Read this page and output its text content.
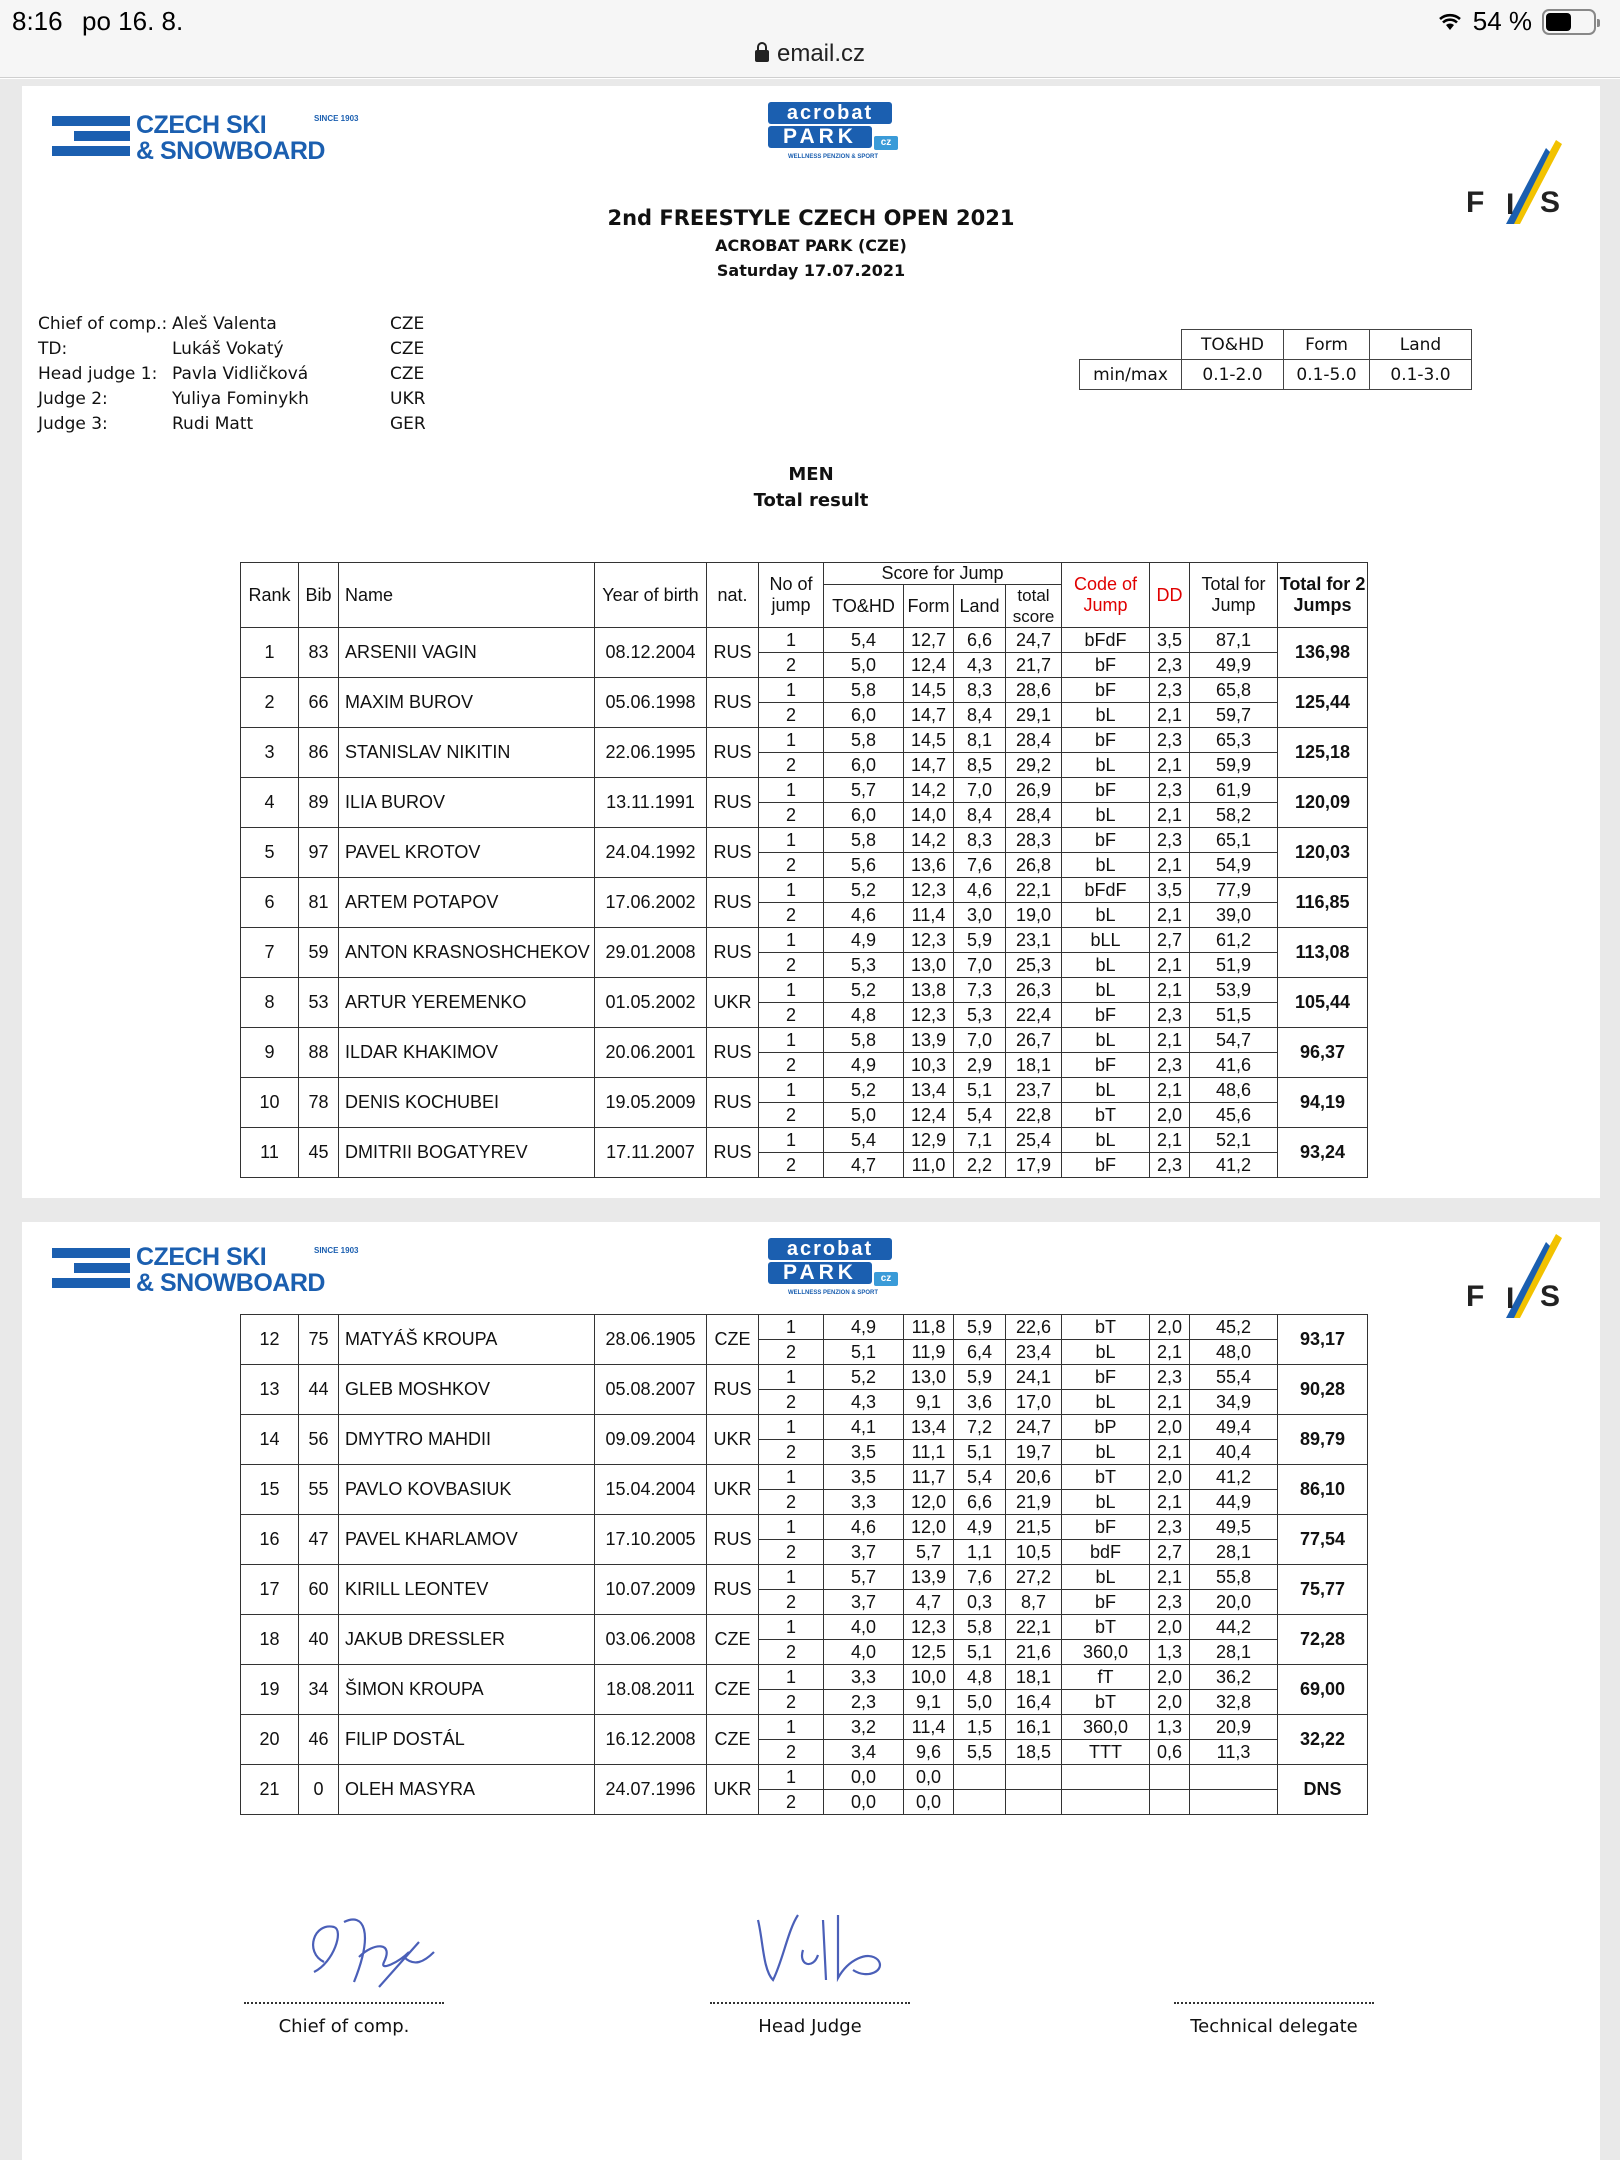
8:16 po 16. 8.	54 %
email.cz
CZECH SKI
& SNOWBOARD
SINCE 1903	acrobat
PARK	cz
WELLNESS PENZION & SPORT
F I S
2nd FREESTYLE CZECH OPEN 2021
ACROBAT PARK (CZE)
Saturday 17.07.2021
Chief of comp.: Aleš Valenta	CZE
TD:	Lukáš Vokatý	CZE
Head judge 1: Pavla Vidličková	CZE
Judge 2:	Yuliya Fominykh	UKR
Judge 3:	Rudi Matt	GER
	TO&HD	Form	Land
min/max	0.1-2.0	0.1-5.0	0.1-3.0
MEN
Total result
Rank	Bib	Name	Year of birth	nat.	No of jump	Score for Jump				Code of Jump	DD	Total for Jump	Total for 2 Jumps
						TO&HD	Form	Land	total score				
1	83	ARSENII VAGIN	08.12.2004	RUS	1	5,4	12,7	6,6	24,7	bFdF	3,5	87,1	136,98
					2	5,0	12,4	4,3	21,7	bF	2,3	49,9	
2	66	MAXIM BUROV	05.06.1998	RUS	1	5,8	14,5	8,3	28,6	bF	2,3	65,8	125,44
					2	6,0	14,7	8,4	29,1	bL	2,1	59,7	
3	86	STANISLAV NIKITIN	22.06.1995	RUS	1	5,8	14,5	8,1	28,4	bF	2,3	65,3	125,18
					2	6,0	14,7	8,5	29,2	bL	2,1	59,9	
4	89	ILIA BUROV	13.11.1991	RUS	1	5,7	14,2	7,0	26,9	bF	2,3	61,9	120,09
					2	6,0	14,0	8,4	28,4	bL	2,1	58,2	
5	97	PAVEL KROTOV	24.04.1992	RUS	1	5,8	14,2	8,3	28,3	bF	2,3	65,1	120,03
					2	5,6	13,6	7,6	26,8	bL	2,1	54,9	
6	81	ARTEM POTAPOV	17.06.2002	RUS	1	5,2	12,3	4,6	22,1	bFdF	3,5	77,9	116,85
					2	4,6	11,4	3,0	19,0	bL	2,1	39,0	
7	59	ANTON KRASNOSHCHEKOV	29.01.2008	RUS	1	4,9	12,3	5,9	23,1	bLL	2,7	61,2	113,08
					2	5,3	13,0	7,0	25,3	bL	2,1	51,9	
8	53	ARTUR YEREMENKO	01.05.2002	UKR	1	5,2	13,8	7,3	26,3	bL	2,1	53,9	105,44
					2	4,8	12,3	5,3	22,4	bF	2,3	51,5	
9	88	ILDAR KHAKIMOV	20.06.2001	RUS	1	5,8	13,9	7,0	26,7	bL	2,1	54,7	96,37
					2	4,9	10,3	2,9	18,1	bF	2,3	41,6	
10	78	DENIS KOCHUBEI	19.05.2009	RUS	1	5,2	13,4	5,1	23,7	bL	2,1	48,6	94,19
					2	5,0	12,4	5,4	22,8	bT	2,0	45,6	
11	45	DMITRII BOGATYREV	17.11.2007	RUS	1	5,4	12,9	7,1	25,4	bL	2,1	52,1	93,24
					2	4,7	11,0	2,2	17,9	bF	2,3	41,2	
CZECH SKI
& SNOWBOARD
SINCE 1903	acrobat
PARK	cz
WELLNESS PENZION & SPORT	F I S
12	75	MATYÁŠ KROUPA	28.06.1905	CZE	1	4,9	11,8	5,9	22,6	bT	2,0	45,2	93,17
					2	5,1	11,9	6,4	23,4	bL	2,1	48,0	
13	44	GLEB MOSHKOV	05.08.2007	RUS	1	5,2	13,0	5,9	24,1	bF	2,3	55,4	90,28
					2	4,3	9,1	3,6	17,0	bL	2,1	34,9	
14	56	DMYTRO MAHDII	09.09.2004	UKR	1	4,1	13,4	7,2	24,7	bP	2,0	49,4	89,79
					2	3,5	11,1	5,1	19,7	bL	2,1	40,4	
15	55	PAVLO KOVBASIUK	15.04.2004	UKR	1	3,5	11,7	5,4	20,6	bT	2,0	41,2	86,10
					2	3,3	12,0	6,6	21,9	bL	2,1	44,9	
16	47	PAVEL KHARLAMOV	17.10.2005	RUS	1	4,6	12,0	4,9	21,5	bF	2,3	49,5	77,54
					2	3,7	5,7	1,1	10,5	bdF	2,7	28,1	
17	60	KIRILL LEONTEV	10.07.2009	RUS	1	5,7	13,9	7,6	27,2	bL	2,1	55,8	75,77
					2	3,7	4,7	0,3	8,7	bF	2,3	20,0	
18	40	JAKUB DRESSLER	03.06.2008	CZE	1	4,0	12,3	5,8	22,1	bT	2,0	44,2	72,28
					2	4,0	12,5	5,1	21,6	360,0	1,3	28,1	
19	34	ŠIMON KROUPA	18.08.2011	CZE	1	3,3	10,0	4,8	18,1	fT	2,0	36,2	69,00
					2	2,3	9,1	5,0	16,4	bT	2,0	32,8	
20	46	FILIP DOSTÁL	16.12.2008	CZE	1	3,2	11,4	1,5	16,1	360,0	1,3	20,9	32,22
					2	3,4	9,6	5,5	18,5	TTT	0,6	11,3	
21	0	OLEH MASYRA	24.07.1996	UKR	1	0,0	0,0						DNS
					2	0,0	0,0						
Chief of comp.	Head Judge	Technical delegate
